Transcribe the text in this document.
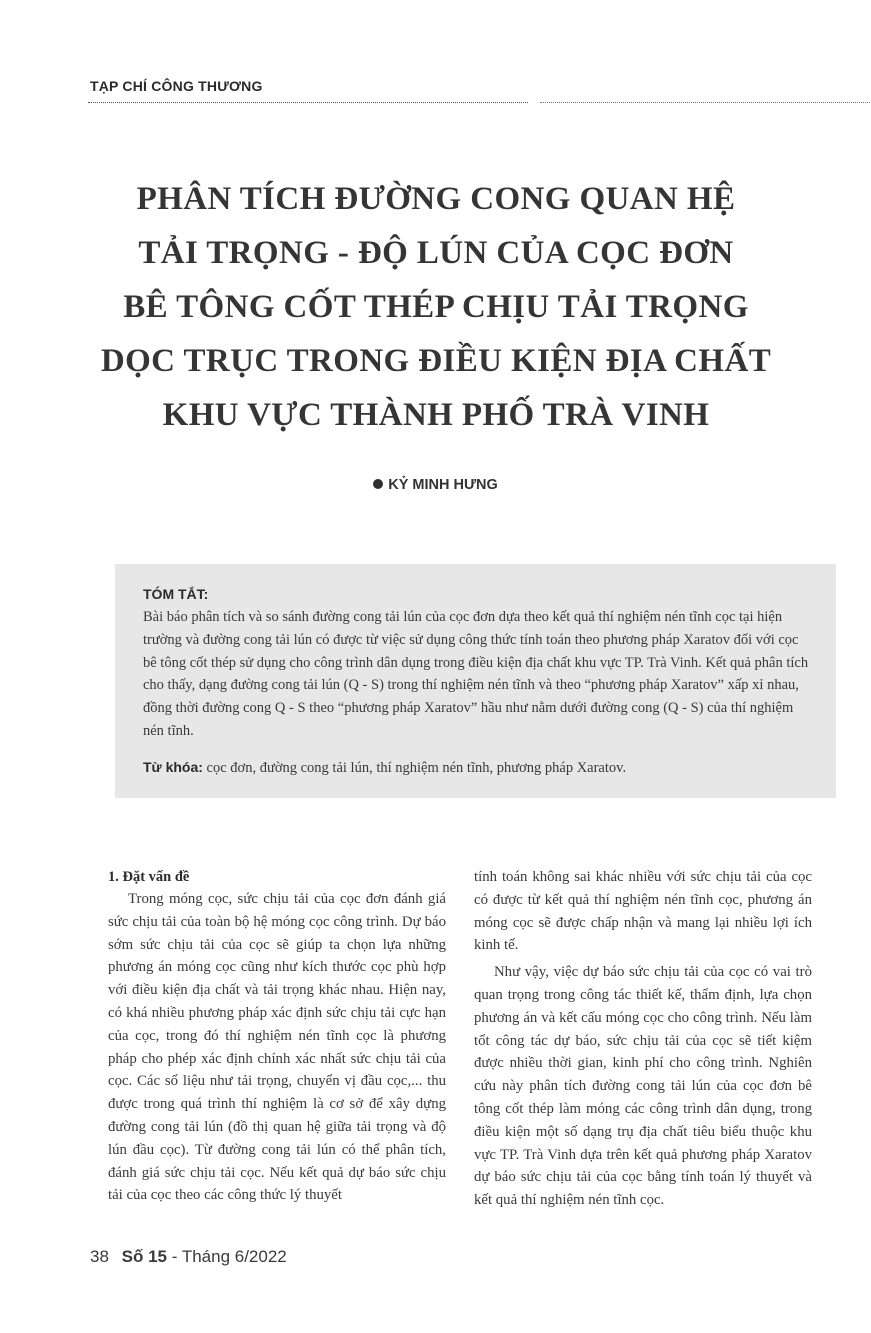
TẠP CHÍ CÔNG THƯƠNG
PHÂN TÍCH ĐƯỜNG CONG QUAN HỆ
TẢI TRỌNG - ĐỘ LÚN CỦA CỌC ĐƠN
BÊ TÔNG CỐT THÉP CHỊU TẢI TRỌNG
DỌC TRỤC TRONG ĐIỀU KIỆN ĐỊA CHẤT
KHU VỰC THÀNH PHỐ TRÀ VINH
KỶ MINH HƯNG
TÓM TẮT:
Bài báo phân tích và so sánh đường cong tải lún của cọc đơn dựa theo kết quả thí nghiệm nén tĩnh cọc tại hiện trường và đường cong tải lún có được từ việc sử dụng công thức tính toán theo phương pháp Xaratov đối với cọc bê tông cốt thép sử dụng cho công trình dân dụng trong điều kiện địa chất khu vực TP. Trà Vinh. Kết quả phân tích cho thấy, dạng đường cong tải lún (Q - S) trong thí nghiệm nén tĩnh và theo “phương pháp Xaratov” xấp xỉ nhau, đồng thời đường cong Q - S theo “phương pháp Xaratov” hầu như nằm dưới đường cong (Q - S) của thí nghiệm nén tĩnh.
Từ khóa: cọc đơn, đường cong tải lún, thí nghiệm nén tĩnh, phương pháp Xaratov.
1. Đặt vấn đề

Trong móng cọc, sức chịu tải của cọc đơn đánh giá sức chịu tải của toàn bộ hệ móng cọc công trình. Dự báo sớm sức chịu tải của cọc sẽ giúp ta chọn lựa những phương án móng cọc cũng như kích thước cọc phù hợp với điều kiện địa chất và tải trọng khác nhau. Hiện nay, có khá nhiều phương pháp xác định sức chịu tải cực hạn của cọc, trong đó thí nghiệm nén tĩnh cọc là phương pháp cho phép xác định chính xác nhất sức chịu tải của cọc. Các số liệu như tải trọng, chuyển vị đầu cọc,... thu được trong quá trình thí nghiệm là cơ sở để xây dựng đường cong tải lún (đồ thị quan hệ giữa tải trọng và độ lún đầu cọc). Từ đường cong tải lún có thể phân tích, đánh giá sức chịu tải cọc. Nếu kết quả dự báo sức chịu tải của cọc theo các công thức lý thuyết

tính toán không sai khác nhiều với sức chịu tải của cọc có được từ kết quả thí nghiệm nén tĩnh cọc, phương án móng cọc sẽ được chấp nhận và mang lại nhiều lợi ích kinh tế.

Như vậy, việc dự báo sức chịu tải của cọc có vai trò quan trọng trong công tác thiết kế, thẩm định, lựa chọn phương án và kết cấu móng cọc cho công trình. Nếu làm tốt công tác dự báo, sức chịu tải của cọc sẽ tiết kiệm được nhiều thời gian, kinh phí cho công trình. Nghiên cứu này phân tích đường cong tải lún của cọc đơn bê tông cốt thép làm móng các công trình dân dụng, trong điều kiện một số dạng trụ địa chất tiêu biểu thuộc khu vực TP. Trà Vinh dựa trên kết quả phương pháp Xaratov dự báo sức chịu tải của cọc bằng tính toán lý thuyết và kết quả thí nghiệm nén tĩnh cọc.

38 Số 15 - Tháng 6/2022
